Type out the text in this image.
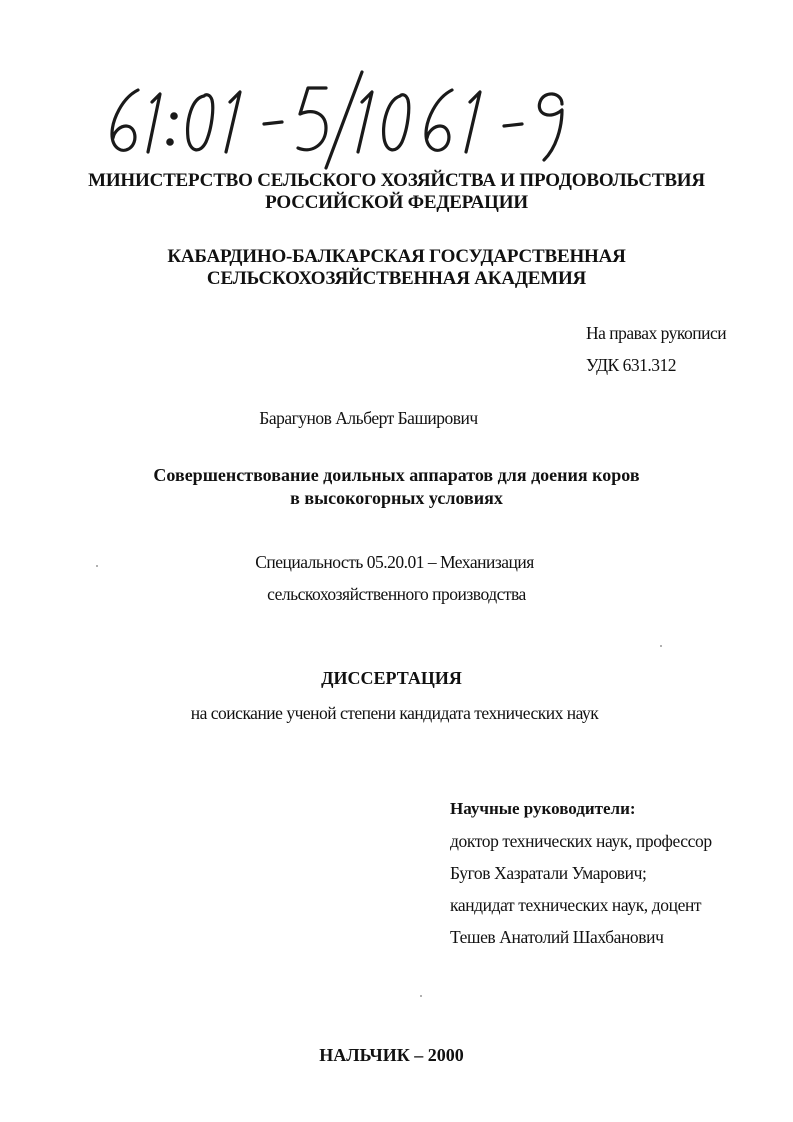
МИНИСТЕРСТВО СЕЛЬСКОГО ХОЗЯЙСТВА И ПРОДОВОЛЬСТВИЯ
РОССИЙСКОЙ ФЕДЕРАЦИИ
КАБАРДИНО-БАЛКАРСКАЯ ГОСУДАРСТВЕННАЯ
СЕЛЬСКОХОЗЯЙСТВЕННАЯ АКАДЕМИЯ
На правах рукописи
УДК 631.312
Барагунов Альберт Баширович
Совершенствование доильных аппаратов для доения коров
в высокогорных условиях
Специальность 05.20.01 – Механизация
сельскохозяйственного производства
ДИССЕРТАЦИЯ
на соискание ученой степени кандидата технических наук
Научные руководители:
доктор технических наук, профессор
Бугов Хазратали Умарович;
кандидат технических наук, доцент
Тешев Анатолий Шахбанович
НАЛЬЧИК – 2000
